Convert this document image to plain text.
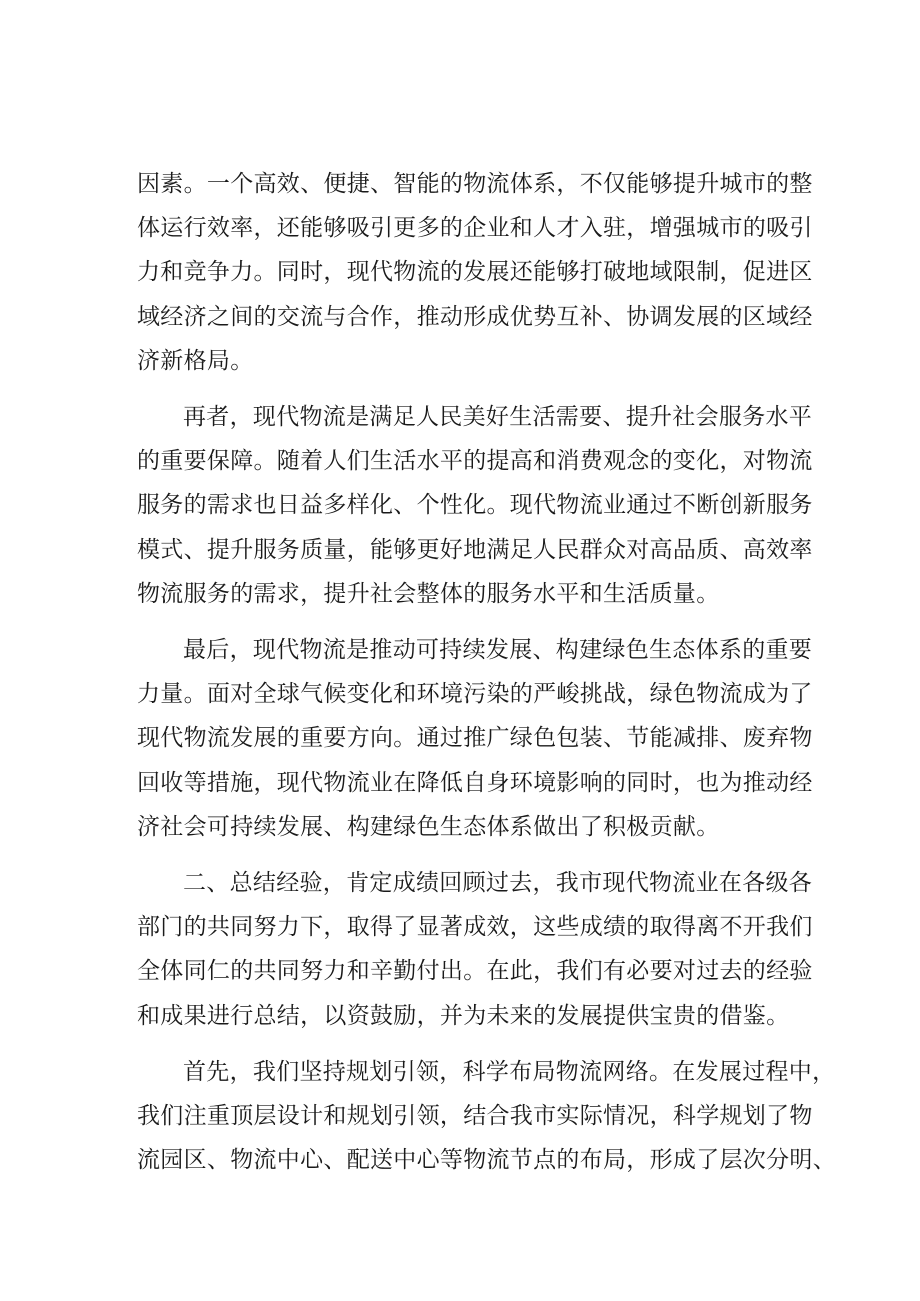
因素。一个高效、便捷、智能的物流体系，不仅能够提升城市的整
体运行效率，还能够吸引更多的企业和人才入驻，增强城市的吸引
力和竞争力。同时，现代物流的发展还能够打破地域限制，促进区
域经济之间的交流与合作，推动形成优势互补、协调发展的区域经
济新格局。

再者，现代物流是满足人民美好生活需要、提升社会服务水平
的重要保障。随着人们生活水平的提高和消费观念的变化，对物流
服务的需求也日益多样化、个性化。现代物流业通过不断创新服务
模式、提升服务质量，能够更好地满足人民群众对高品质、高效率
物流服务的需求，提升社会整体的服务水平和生活质量。

最后，现代物流是推动可持续发展、构建绿色生态体系的重要
力量。面对全球气候变化和环境污染的严峻挑战，绿色物流成为了
现代物流发展的重要方向。通过推广绿色包装、节能减排、废弃物
回收等措施，现代物流业在降低自身环境影响的同时，也为推动经
济社会可持续发展、构建绿色生态体系做出了积极贡献。

二、总结经验，肯定成绩回顾过去，我市现代物流业在各级各
部门的共同努力下，取得了显著成效，这些成绩的取得离不开我们
全体同仁的共同努力和辛勤付出。在此，我们有必要对过去的经验
和成果进行总结，以资鼓励，并为未来的发展提供宝贵的借鉴。

首先，我们坚持规划引领，科学布局物流网络。在发展过程中，
我们注重顶层设计和规划引领，结合我市实际情况，科学规划了物
流园区、物流中心、配送中心等物流节点的布局，形成了层次分明、
